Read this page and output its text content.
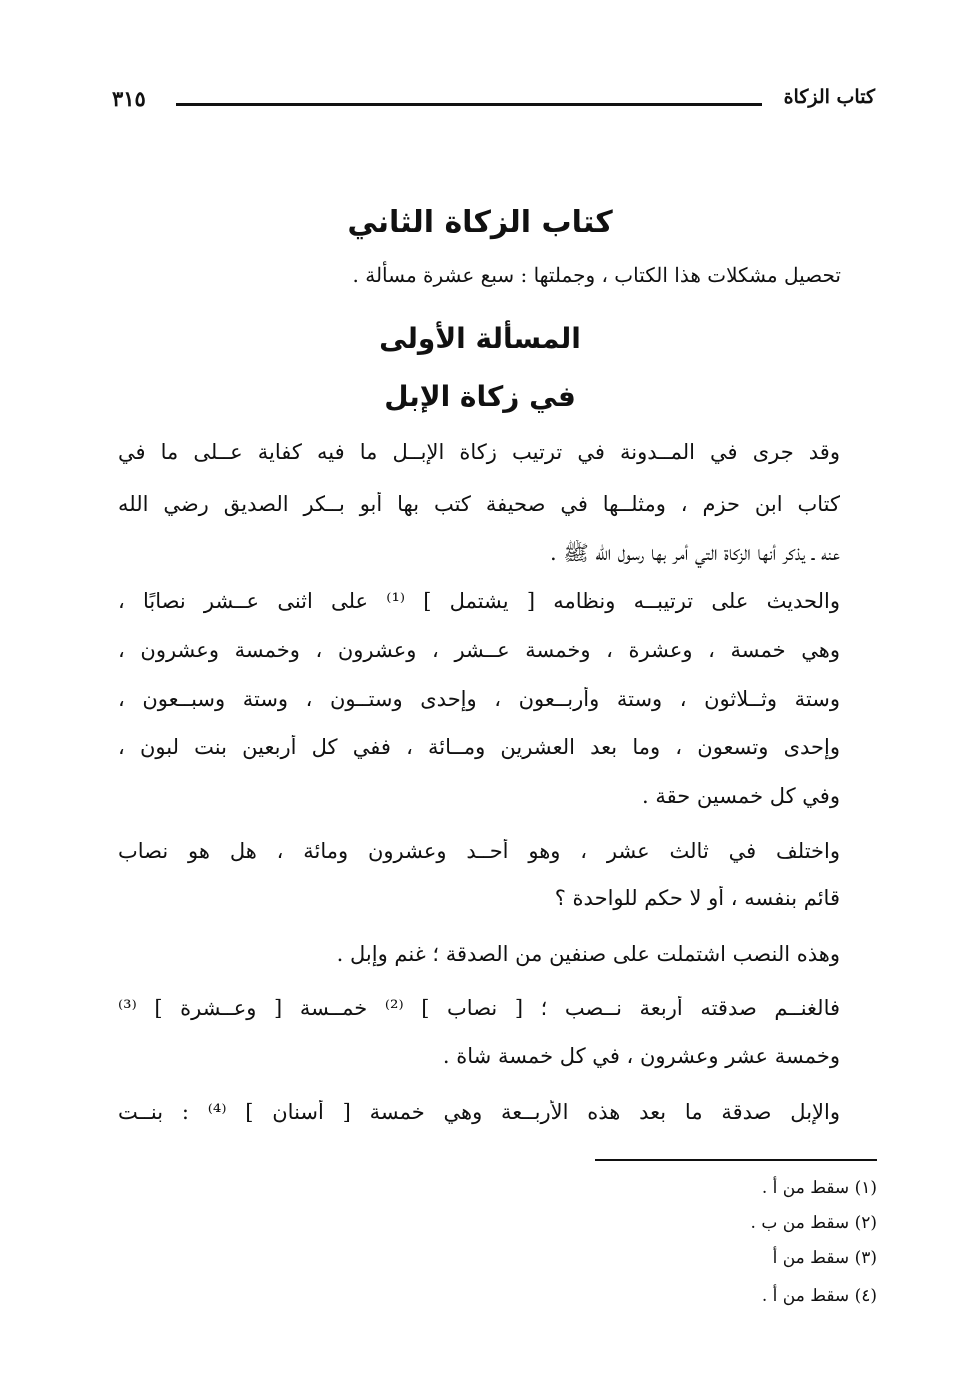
كتاب الزكاة
٣١٥
كتاب الزكاة الثاني
تحصيل مشكلات هذا الكتاب ، وجملتها : سبع عشرة مسألة .
المسألة الأولى
في زكاة الإبل
وقد جرى في المــدونة في ترتيب زكاة الإبــل ما فيه كفاية عــلى ما في
كتاب ابن حزم ، ومثلــها في صحيفة كتب بها أبو بــكر الصديق رضي الله
عنه ـ يذكر أنها الزكاة التي أمر بها رسول الله ﷺ .
والحديث على ترتيبــه ونظامه [ يشتمل ] ⁽¹⁾ على اثنى عــشر نصابًا ،
وهي خمسة ، وعشرة ، وخمسة عــشر ، وعشرون ، وخمسة وعشرون ،
وستة وثــلاثون ، وستة وأربــعون ، وإحدى وستــون ، وستة وسبــعون ،
وإحدى وتسعون ، وما بعد العشرين ومــائة ، ففي كل أربعين بنت لبون ،
وفي كل خمسين حقة .
واختلف في ثالث عشر ، وهو أحــد وعشرون ومائة ، هل هو نصاب
قائم بنفسه ، أو لا حكم للواحدة ؟
وهذه النصب اشتملت على صنفين من الصدقة ؛ غنم وإبل .
فالغنــم صدقته أربعة نــصب ؛ [ نصاب ] ⁽²⁾ خمــسة [ وعــشرة ] ⁽³⁾
وخمسة عشر وعشرون ، في كل خمسة شاة .
والإبل صدقة ما بعد هذه الأربــعة وهي خمسة [ أسنان ] ⁽⁴⁾ : بنــت
(١) سقط من أ .
(٢) سقط من ب .
(٣) سقط من أ
(٤) سقط من أ .
